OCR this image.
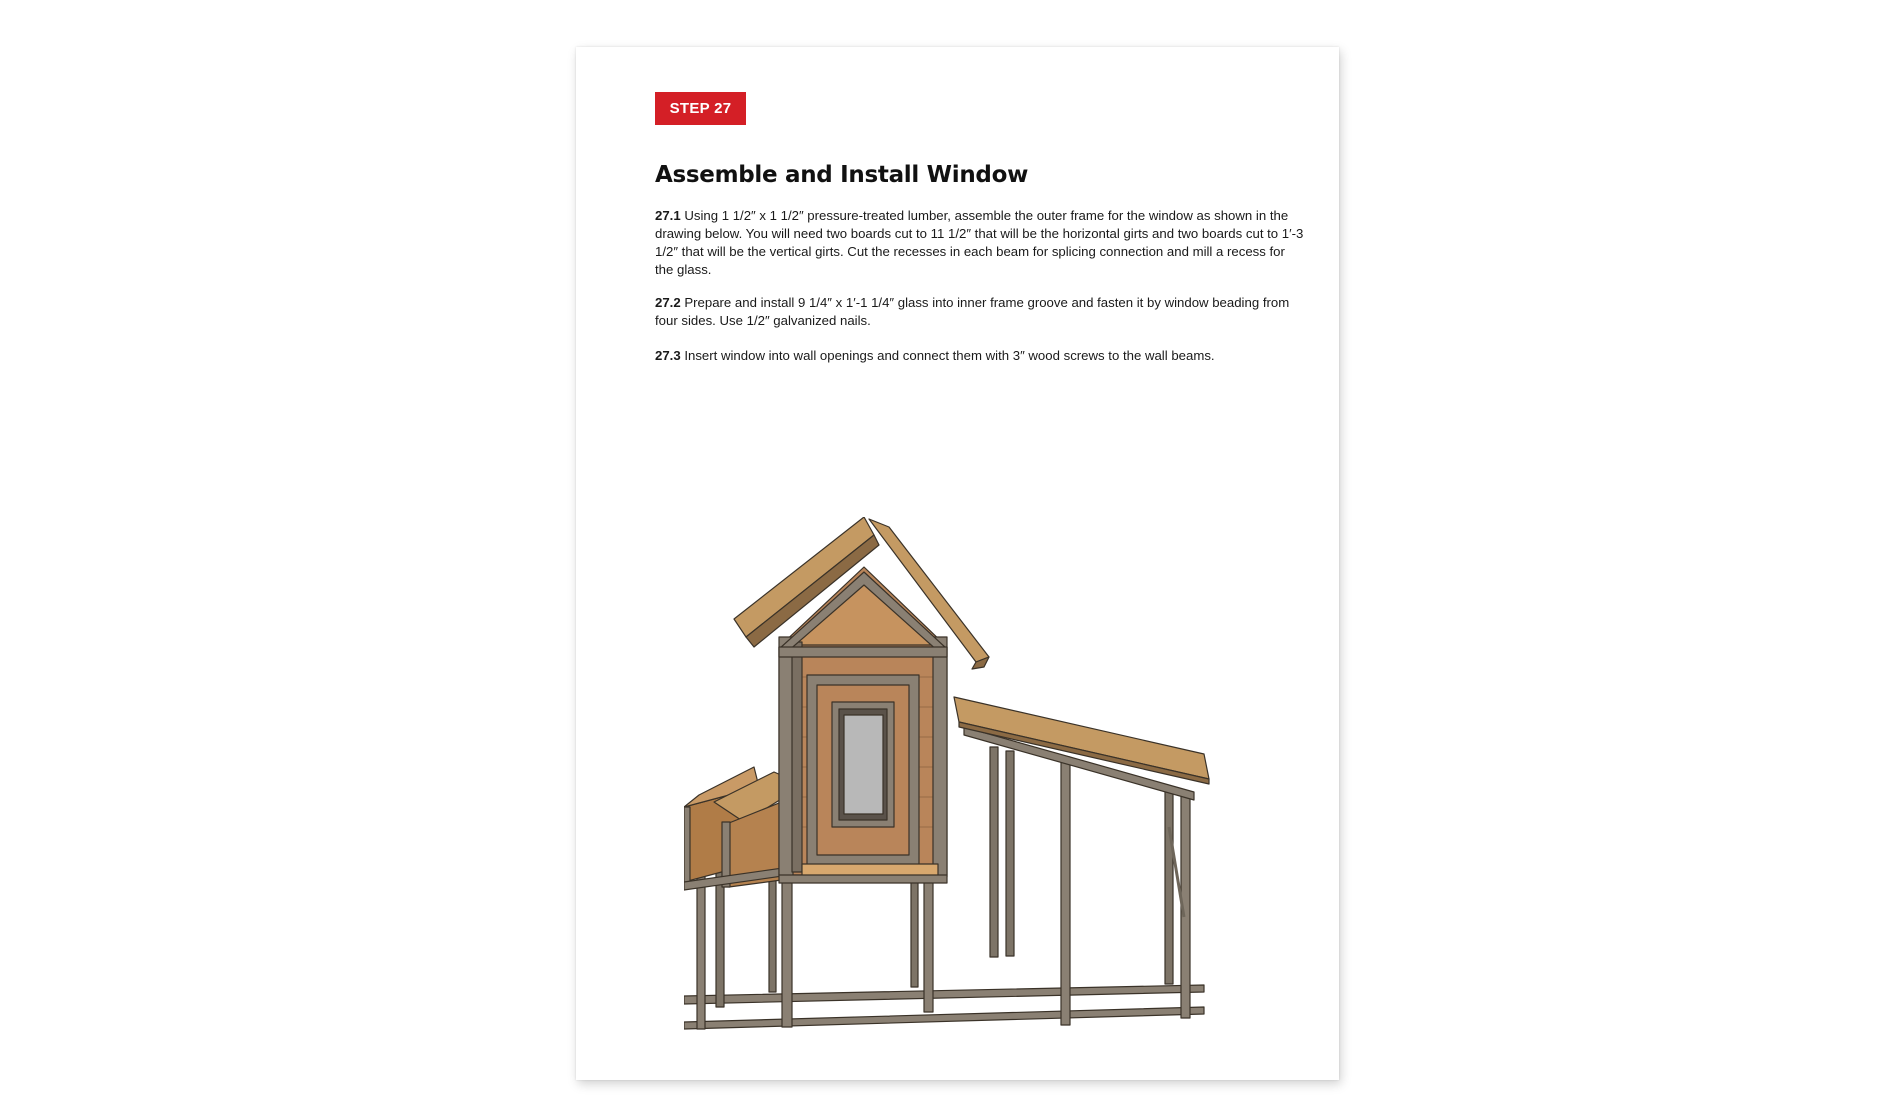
STEP 27
Assemble and Install Window

27.1 Using 1 1/2″ x 1 1/2″ pressure-treated lumber, assemble the outer frame for the window as shown in the drawing below. You will need two boards cut to 11 1/2″ that will be the horizontal girts and two boards cut to 1′-3 1/2″ that will be the vertical girts. Cut the recesses in each beam for splicing connection and mill a recess for the glass.

27.2 Prepare and install 9 1/4″ x 1′-1 1/4″ glass into inner frame groove and fasten it by window beading from four sides. Use 1/2″ galvanized nails.

27.3 Insert window into wall openings and connect them with 3″ wood screws to the wall beams.
